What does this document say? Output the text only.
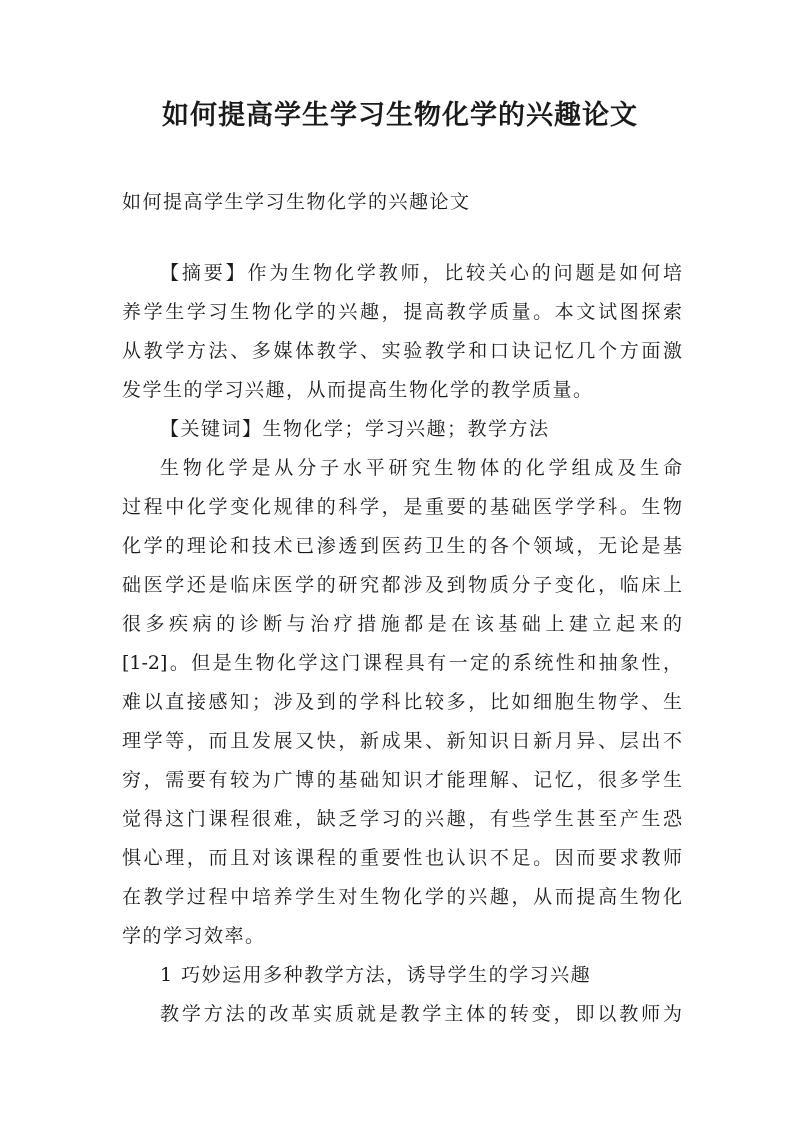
如何提高学生学习生物化学的兴趣论文
如何提高学生学习生物化学的兴趣论文
【摘要】作为生物化学教师，比较关心的问题是如何培
养学生学习生物化学的兴趣，提高教学质量。本文试图探索
从教学方法、多媒体教学、实验教学和口诀记忆几个方面激
发学生的学习兴趣，从而提高生物化学的教学质量。
【关键词】生物化学；学习兴趣；教学方法
生物化学是从分子水平研究生物体的化学组成及生命
过程中化学变化规律的科学，是重要的基础医学学科。生物
化学的理论和技术已渗透到医药卫生的各个领域，无论是基
础医学还是临床医学的研究都涉及到物质分子变化，临床上
很多疾病的诊断与治疗措施都是在该基础上建立起来的
[1-2]。但是生物化学这门课程具有一定的系统性和抽象性，
难以直接感知；涉及到的学科比较多，比如细胞生物学、生
理学等，而且发展又快，新成果、新知识日新月异、层出不
穷，需要有较为广博的基础知识才能理解、记忆，很多学生
觉得这门课程很难，缺乏学习的兴趣，有些学生甚至产生恐
惧心理，而且对该课程的重要性也认识不足。因而要求教师
在教学过程中培养学生对生物化学的兴趣，从而提高生物化
学的学习效率。
1 巧妙运用多种教学方法，诱导学生的学习兴趣
教学方法的改革实质就是教学主体的转变，即以教师为
